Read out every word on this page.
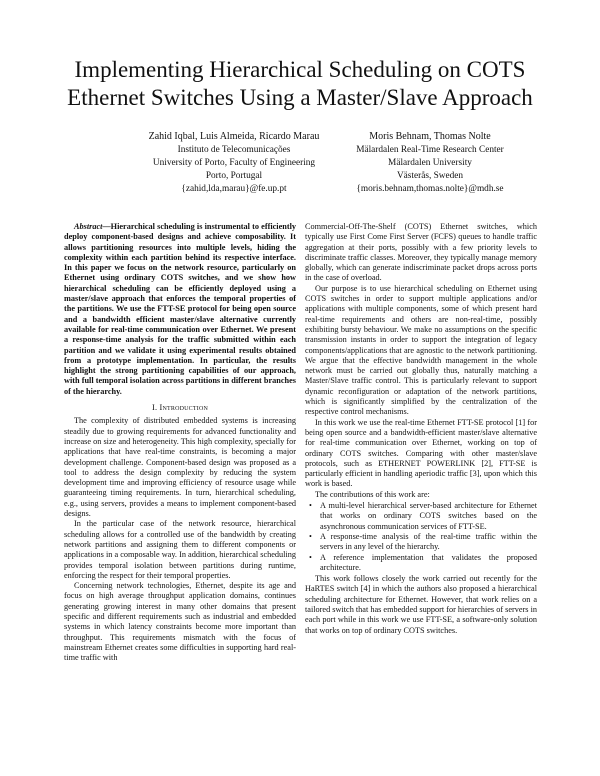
Implementing Hierarchical Scheduling on COTS
Ethernet Switches Using a Master/Slave Approach
Zahid Iqbal, Luis Almeida, Ricardo Marau
Instituto de Telecomunicações
University of Porto, Faculty of Engineering
Porto, Portugal
{zahid,lda,marau}@fe.up.pt
Moris Behnam, Thomas Nolte
Mälardalen Real-Time Research Center
Mälardalen University
Västerås, Sweden
{moris.behnam,thomas.nolte}@mdh.se

Abstract—Hierarchical scheduling is instrumental to efficiently deploy component-based designs and achieve composability. It allows partitioning resources into multiple levels, hiding the complexity within each partition behind its respective interface. In this paper we focus on the network resource, particularly on Ethernet using ordinary COTS switches, and we show how hierarchical scheduling can be efficiently deployed using a master/slave approach that enforces the temporal properties of the partitions. We use the FTT-SE protocol for being open source and a bandwidth efficient master/slave alternative currently available for real-time communication over Ethernet. We present a response-time analysis for the traffic submitted within each partition and we validate it using experimental results obtained from a prototype implementation. In particular, the results highlight the strong partitioning capabilities of our approach, with full temporal isolation across partitions in different branches of the hierarchy.

I. Introduction

The complexity of distributed embedded systems is increasing steadily due to growing requirements for advanced functionality and increase on size and heterogeneity. This high complexity, specially for applications that have real-time constraints, is becoming a major development challenge. Component-based design was proposed as a tool to address the design complexity by reducing the system development time and improving efficiency of resource usage while guaranteeing timing requirements. In turn, hierarchical scheduling, e.g., using servers, provides a means to implement component-based designs.

In the particular case of the network resource, hierarchical scheduling allows for a controlled use of the bandwidth by creating network partitions and assigning them to different components or applications in a composable way. In addition, hierarchical scheduling provides temporal isolation between partitions during runtime, enforcing the respect for their temporal properties.

Concerning network technologies, Ethernet, despite its age and focus on high average throughput application domains, continues generating growing interest in many other domains that present specific and different requirements such as industrial and embedded systems in which latency constraints become more important than throughput. This requirements mismatch with the focus of mainstream Ethernet creates some difficulties in supporting hard real-time traffic with

Commercial-Off-The-Shelf (COTS) Ethernet switches, which typically use First Come First Server (FCFS) queues to handle traffic aggregation at their ports, possibly with a few priority levels to discriminate traffic classes. Moreover, they typically manage memory globally, which can generate indiscriminate packet drops across ports in the case of overload.

Our purpose is to use hierarchical scheduling on Ethernet using COTS switches in order to support multiple applications and/or applications with multiple components, some of which present hard real-time requirements and others are non-real-time, possibly exhibiting bursty behaviour. We make no assumptions on the specific transmission instants in order to support the integration of legacy components/applications that are agnostic to the network partitioning. We argue that the effective bandwidth management in the whole network must be carried out globally thus, naturally matching a Master/Slave traffic control. This is particularly relevant to support dynamic reconfiguration or adaptation of the network partitions, which is significantly simplified by the centralization of the respective control mechanisms.

In this work we use the real-time Ethernet FTT-SE protocol [1] for being open source and a bandwidth-efficient master/slave alternative for real-time communication over Ethernet, working on top of ordinary COTS switches. Comparing with other master/slave protocols, such as ETHERNET POWERLINK [2], FTT-SE is particularly efficient in handling aperiodic traffic [3], upon which this work is based.

The contributions of this work are:

• A multi-level hierarchical server-based architecture for Ethernet that works on ordinary COTS switches based on the asynchronous communication services of FTT-SE.
• A response-time analysis of the real-time traffic within the servers in any level of the hierarchy.
• A reference implementation that validates the proposed architecture.

This work follows closely the work carried out recently for the HaRTES switch [4] in which the authors also proposed a hierarchical scheduling architecture for Ethernet. However, that work relies on a tailored switch that has embedded support for hierarchies of servers in each port while in this work we use FTT-SE, a software-only solution that works on top of ordinary COTS switches.
